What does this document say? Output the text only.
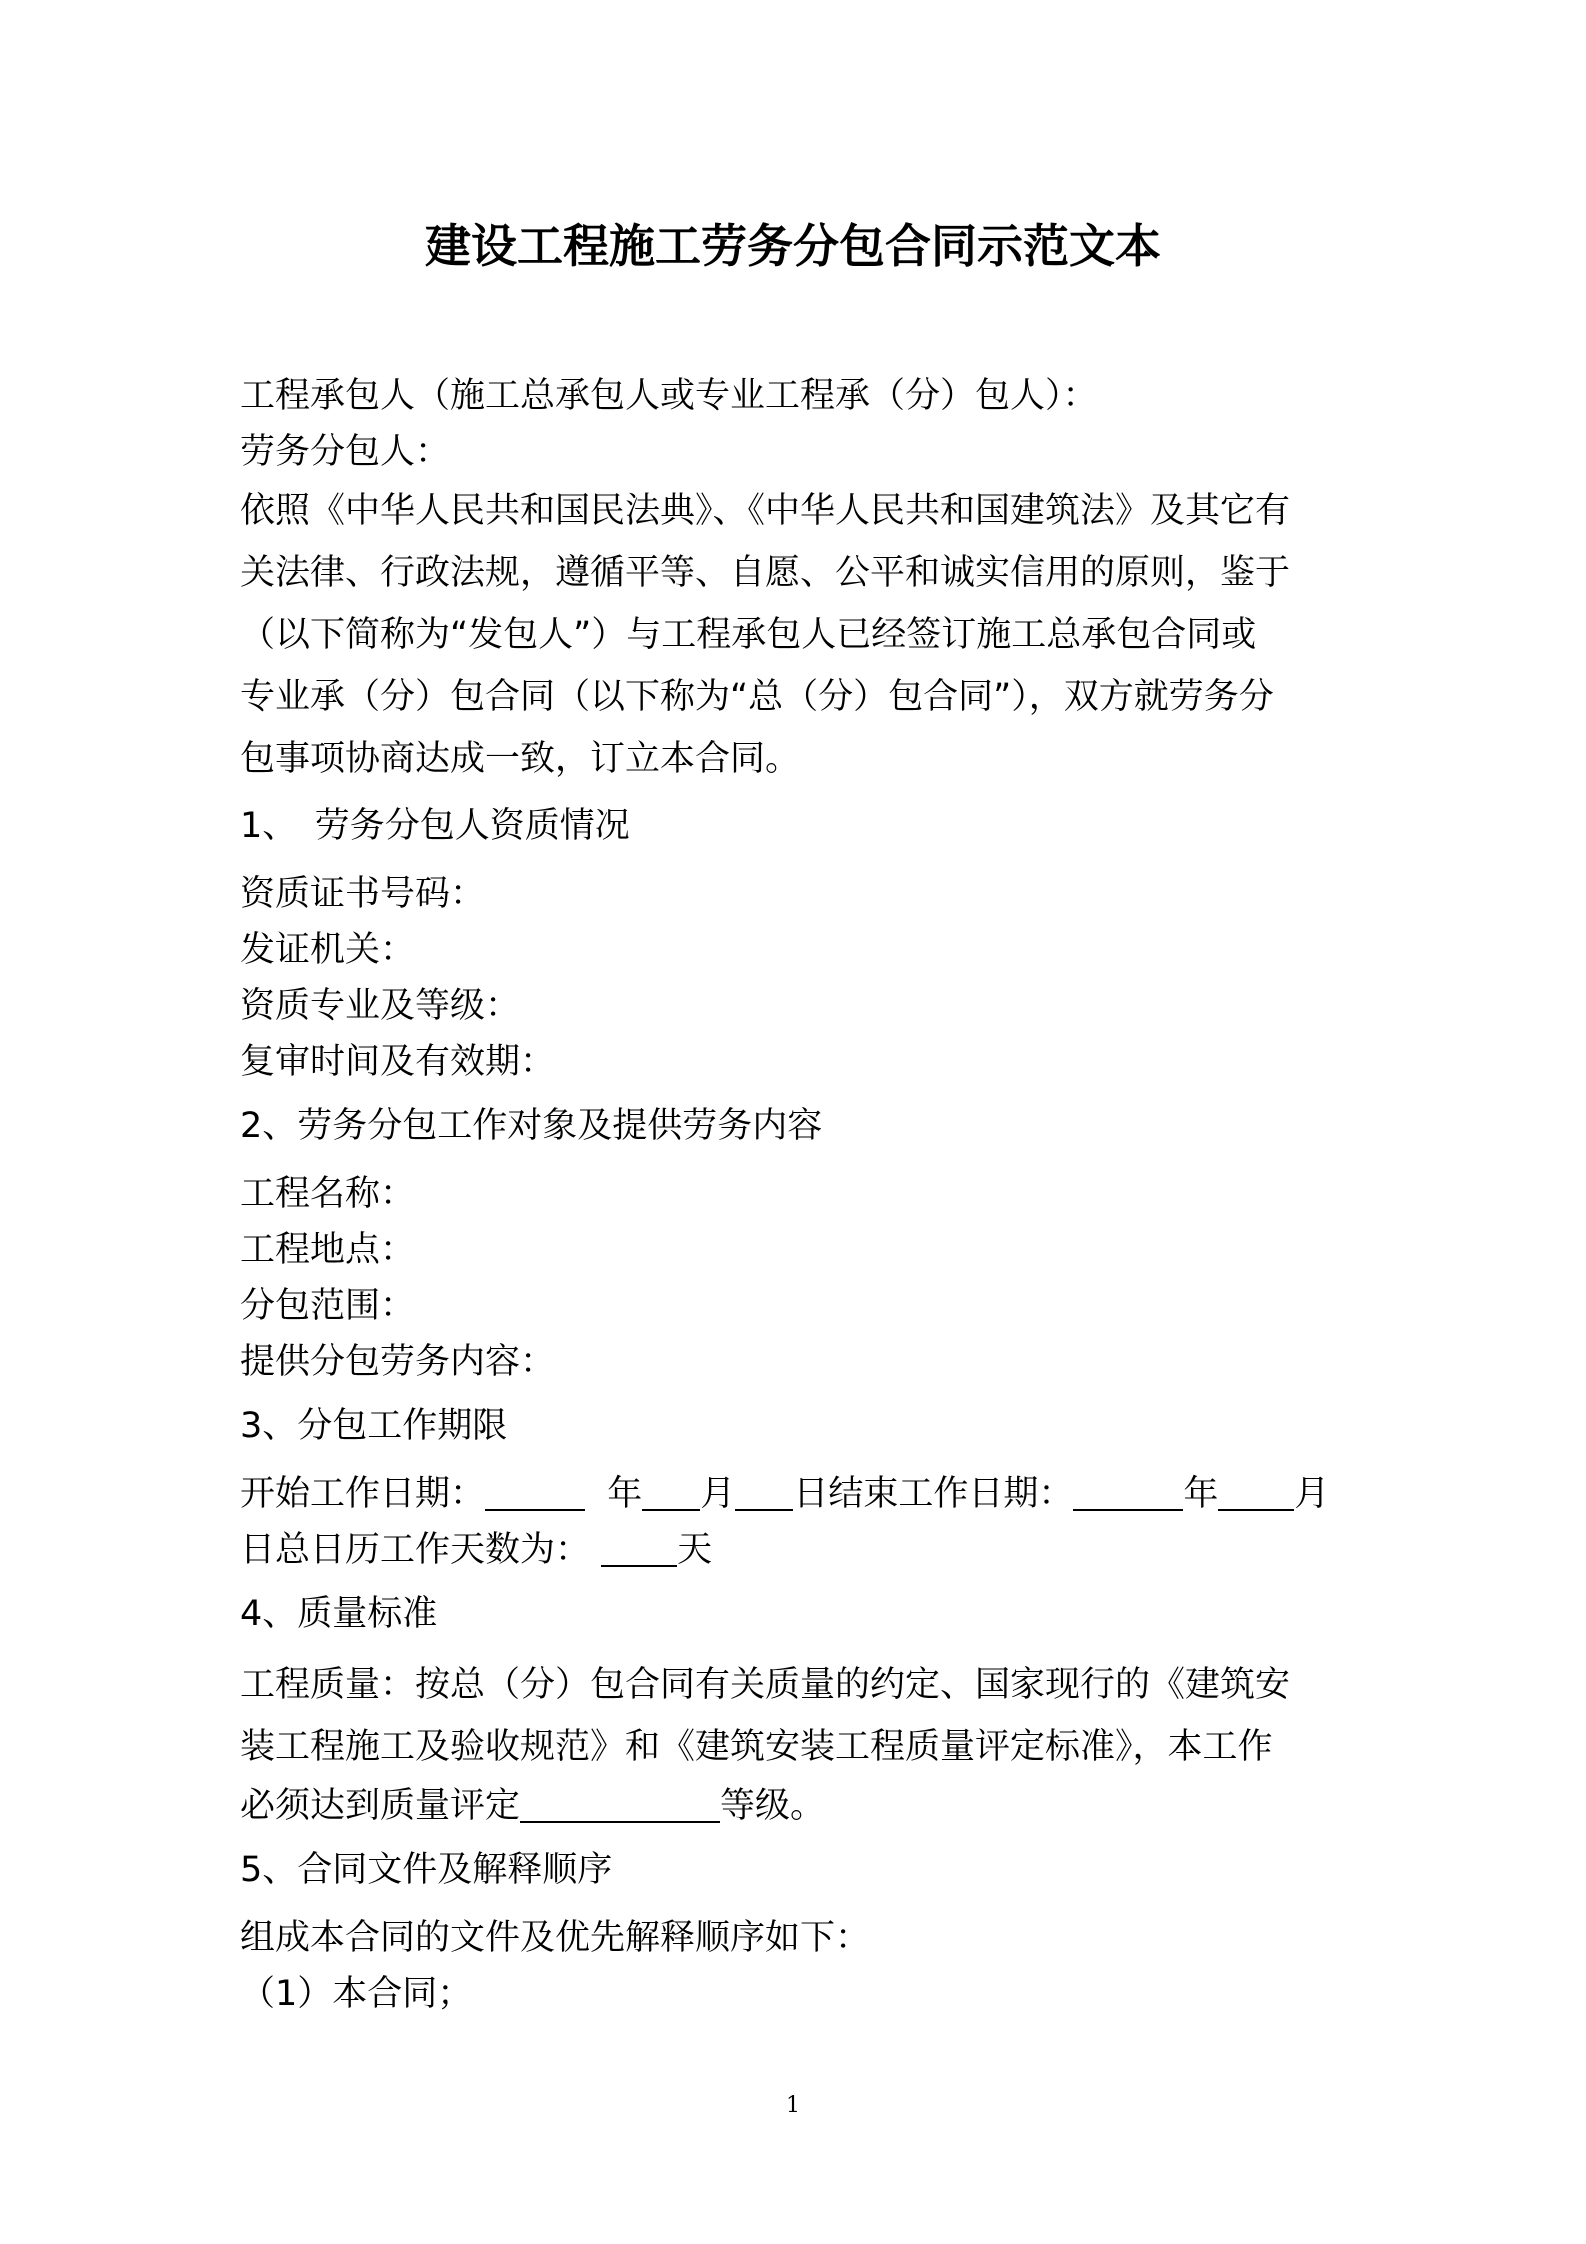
建设工程施工劳务分包合同示范文本
工程承包人（施工总承包人或专业工程承（分）包人）：
劳务分包人：
依照《中华人民共和国民法典》、《中华人民共和国建筑法》及其它有
关法律、行政法规，遵循平等、自愿、公平和诚实信用的原则，鉴于
（以下简称为“发包人”）与工程承包人已经签订施工总承包合同或
专业承（分）包合同（以下称为“总（分）包合同”），双方就劳务分
包事项协商达成一致，订立本合同。
1、　劳务分包人资质情况
资质证书号码：
发证机关：
资质专业及等级：
复审时间及有效期：
2、劳务分包工作对象及提供劳务内容
工程名称：
工程地点：
分包范围：
提供分包劳务内容：
3、分包工作期限
开始工作日期：	年 月 日结束工作日期：	年 月
日总日历工作天数为： 天
4、质量标准
工程质量：按总（分）包合同有关质量的约定、国家现行的《建筑安
装工程施工及验收规范》和《建筑安装工程质量评定标准》，本工作
必须达到质量评定	等级。
5、合同文件及解释顺序
组成本合同的文件及优先解释顺序如下：
（1）本合同；
1
